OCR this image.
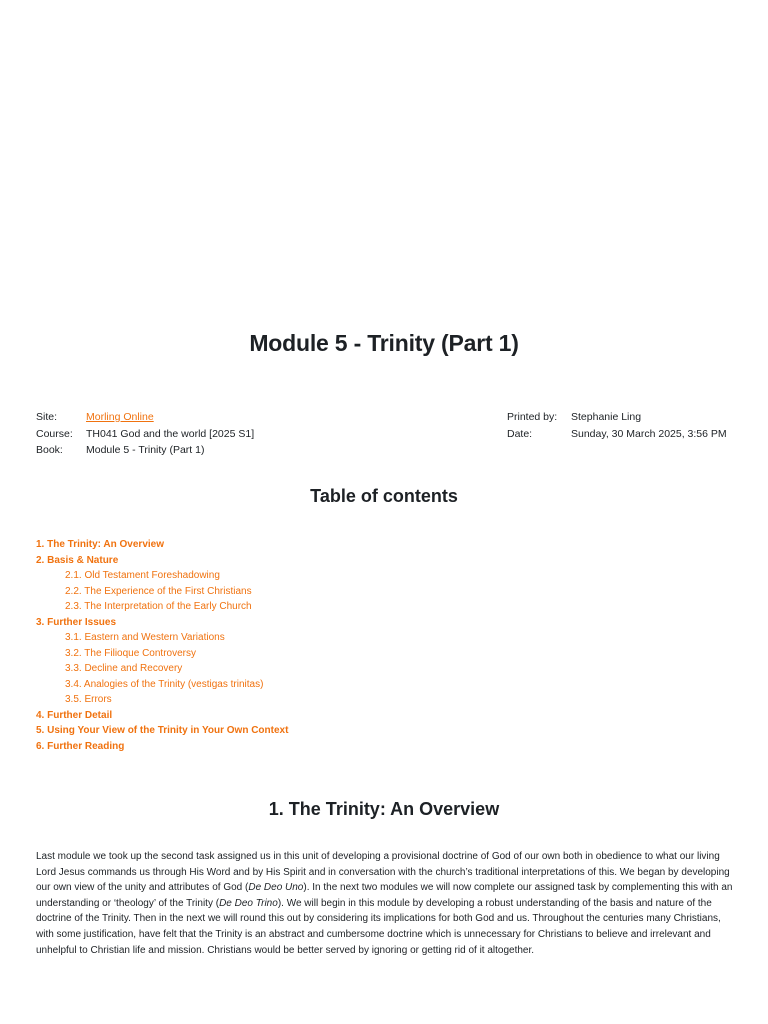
Module 5 - Trinity (Part 1)
Site:	Morling Online
Course: TH041 God and the world [2025 S1]
Book: Module 5 - Trinity (Part 1)
Printed by: Stephanie Ling
Date:	Sunday, 30 March 2025, 3:56 PM
Table of contents
1. The Trinity: An Overview
2. Basis & Nature
2.1. Old Testament Foreshadowing
2.2. The Experience of the First Christians
2.3. The Interpretation of the Early Church
3. Further Issues
3.1. Eastern and Western Variations
3.2. The Filioque Controversy
3.3. Decline and Recovery
3.4. Analogies of the Trinity (vestigas trinitas)
3.5. Errors
4. Further Detail
5. Using Your View of the Trinity in Your Own Context
6. Further Reading
1. The Trinity: An Overview

Last module we took up the second task assigned us in this unit of developing a provisional doctrine of God of our own both in obedience to what our living Lord Jesus commands us through His Word and by His Spirit and in conversation with the church’s traditional interpretations of this. We began by developing our own view of the unity and attributes of God (De Deo Uno). In the next two modules we will now complete our assigned task by complementing this with an understanding or ‘theology’ of the Trinity (De Deo Trino). We will begin in this module by developing a robust understanding of the basis and nature of the doctrine of the Trinity. Then in the next we will round this out by considering its implications for both God and us. Throughout the centuries many Christians, with some justification, have felt that the Trinity is an abstract and cumbersome doctrine which is unnecessary for Christians to believe and irrelevant and unhelpful to Christian life and mission. Christians would be better served by ignoring or getting rid of it altogether.
